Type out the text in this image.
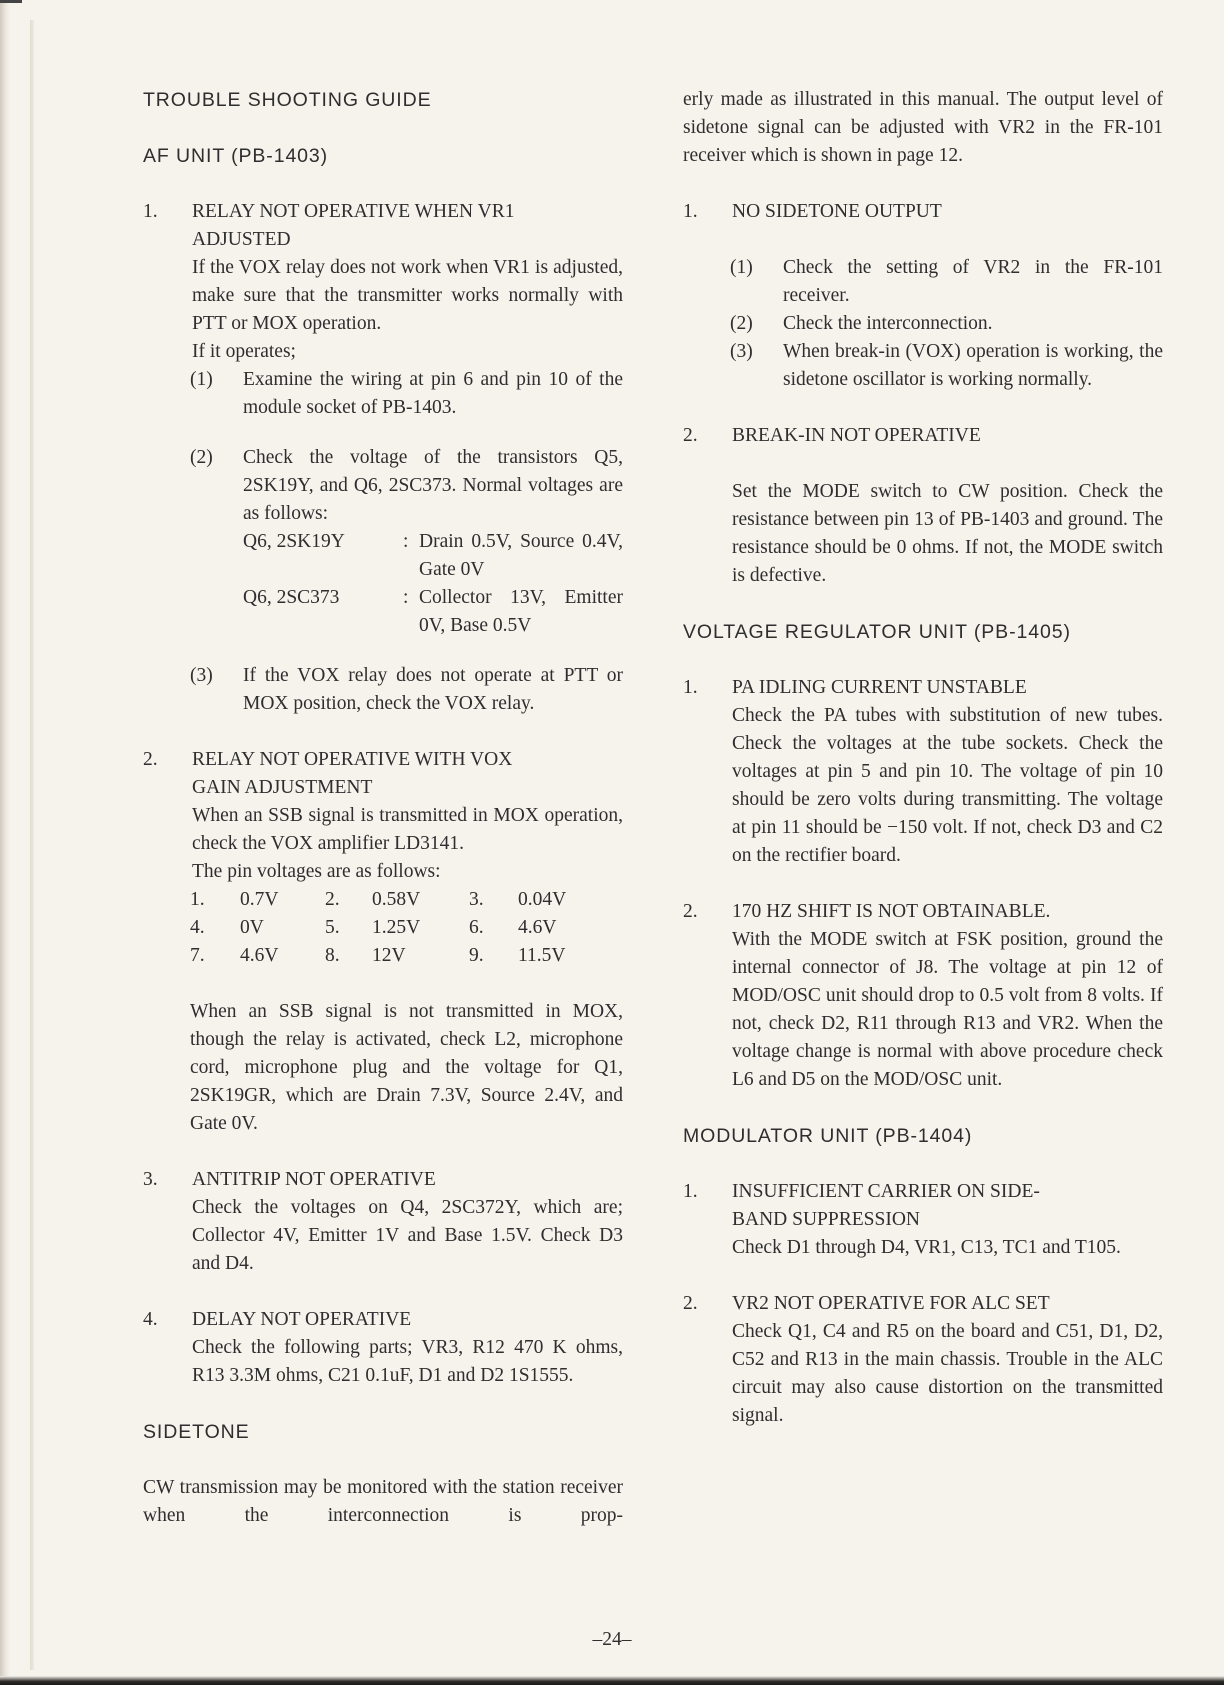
TROUBLE SHOOTING GUIDE
AF UNIT (PB-1403)
1. RELAY NOT OPERATIVE WHEN VR1
ADJUSTED

If the VOX relay does not work when VR1 is adjusted, make sure that the transmitter works normally with PTT or MOX operation.

If it operates;

(1) Examine the wiring at pin 6 and pin 10 of the module socket of PB-1403.
(2) Check the voltage of the transistors Q5, 2SK19Y, and Q6, 2SC373. Normal voltages are as follows:
Q6, 2SK19Y	: Drain 0.5V, Source 0.4V, Gate 0V
Q6, 2SC373	: Collector 13V, Emitter 0V, Base 0.5V
(3) If the VOX relay does not operate at PTT or MOX position, check the VOX relay.
2. RELAY NOT OPERATIVE WITH VOX
GAIN ADJUSTMENT

When an SSB signal is transmitted in MOX operation, check the VOX amplifier LD3141.

The pin voltages are as follows:

1.	0.7V	2.	0.58V	3.	0.04V
4.	0V	5.	1.25V	6.	4.6V
7.	4.6V	8.	12V	9.	11.5V

When an SSB signal is not transmitted in MOX, though the relay is activated, check L2, microphone cord, microphone plug and the voltage for Q1, 2SK19GR, which are Drain 7.3V, Source 2.4V, and Gate 0V.

3. ANTITRIP NOT OPERATIVE

Check the voltages on Q4, 2SC372Y, which are; Collector 4V, Emitter 1V and Base 1.5V. Check D3 and D4.

4. DELAY NOT OPERATIVE

Check the following parts; VR3, R12 470 K ohms, R13 3.3M ohms, C21 0.1uF, D1 and D2 1S1555.

SIDETONE

CW transmission may be monitored with the station receiver when the interconnection is prop-

erly made as illustrated in this manual. The output level of sidetone signal can be adjusted with VR2 in the FR-101 receiver which is shown in page 12.

1. NO SIDETONE OUTPUT
(1) Check the setting of VR2 in the FR-101 receiver.
(2) Check the interconnection.
(3) When break-in (VOX) operation is working, the sidetone oscillator is working normally.
2. BREAK-IN NOT OPERATIVE

Set the MODE switch to CW position. Check the resistance between pin 13 of PB-1403 and ground. The resistance should be 0 ohms. If not, the MODE switch is defective.

VOLTAGE REGULATOR UNIT (PB-1405)
1. PA IDLING CURRENT UNSTABLE

Check the PA tubes with substitution of new tubes. Check the voltages at the tube sockets. Check the voltages at pin 5 and pin 10. The voltage of pin 10 should be zero volts during transmitting. The voltage at pin 11 should be −150 volt. If not, check D3 and C2 on the rectifier board.

2. 170 HZ SHIFT IS NOT OBTAINABLE.

With the MODE switch at FSK position, ground the internal connector of J8. The voltage at pin 12 of MOD/OSC unit should drop to 0.5 volt from 8 volts. If not, check D2, R11 through R13 and VR2. When the voltage change is normal with above procedure check L6 and D5 on the MOD/OSC unit.

MODULATOR UNIT (PB-1404)
1. INSUFFICIENT CARRIER ON SIDE-
BAND SUPPRESSION

Check D1 through D4, VR1, C13, TC1 and T105.

2. VR2 NOT OPERATIVE FOR ALC SET

Check Q1, C4 and R5 on the board and C51, D1, D2, C52 and R13 in the main chassis. Trouble in the ALC circuit may also cause distortion on the transmitted signal.

–24–
